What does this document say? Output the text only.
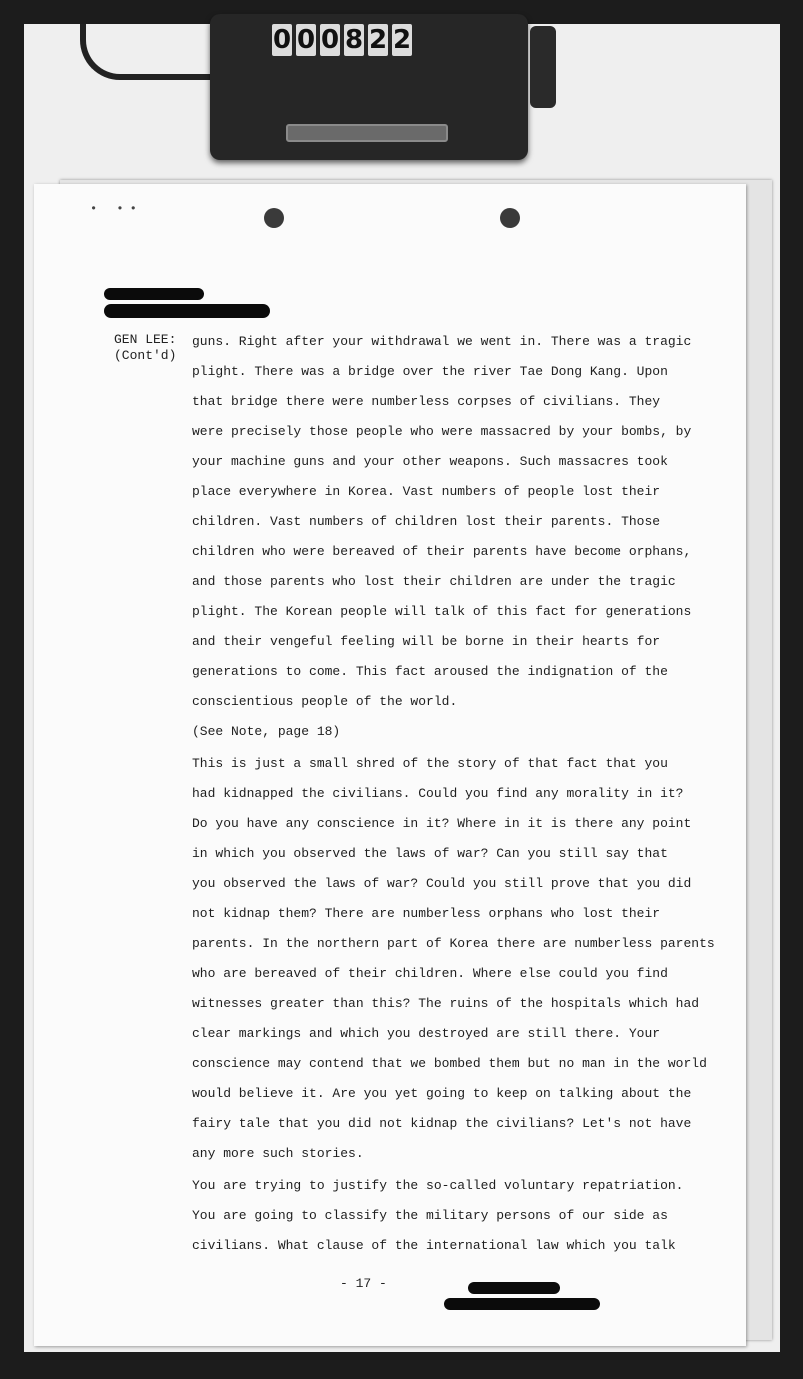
0 0 0 8 2 2
• ••
GEN LEE:
(Cont'd)
guns. Right after your withdrawal we went in. There was a tragic
plight. There was a bridge over the river Tae Dong Kang. Upon
that bridge there were numberless corpses of civilians. They
were precisely those people who were massacred by your bombs, by
your machine guns and your other weapons. Such massacres took
place everywhere in Korea. Vast numbers of people lost their
children. Vast numbers of children lost their parents. Those
children who were bereaved of their parents have become orphans,
and those parents who lost their children are under the tragic
plight. The Korean people will talk of this fact for generations
and their vengeful feeling will be borne in their hearts for
generations to come. This fact aroused the indignation of the
conscientious people of the world.
(See Note, page 18)
This is just a small shred of the story of that fact that you
had kidnapped the civilians. Could you find any morality in it?
Do you have any conscience in it? Where in it is there any point
in which you observed the laws of war? Can you still say that
you observed the laws of war? Could you still prove that you did
not kidnap them? There are numberless orphans who lost their
parents. In the northern part of Korea there are numberless parents
who are bereaved of their children. Where else could you find
witnesses greater than this? The ruins of the hospitals which had
clear markings and which you destroyed are still there. Your
conscience may contend that we bombed them but no man in the world
would believe it. Are you yet going to keep on talking about the
fairy tale that you did not kidnap the civilians? Let's not have
any more such stories.
You are trying to justify the so-called voluntary repatriation.
You are going to classify the military persons of our side as
civilians. What clause of the international law which you talk
- 17 -
